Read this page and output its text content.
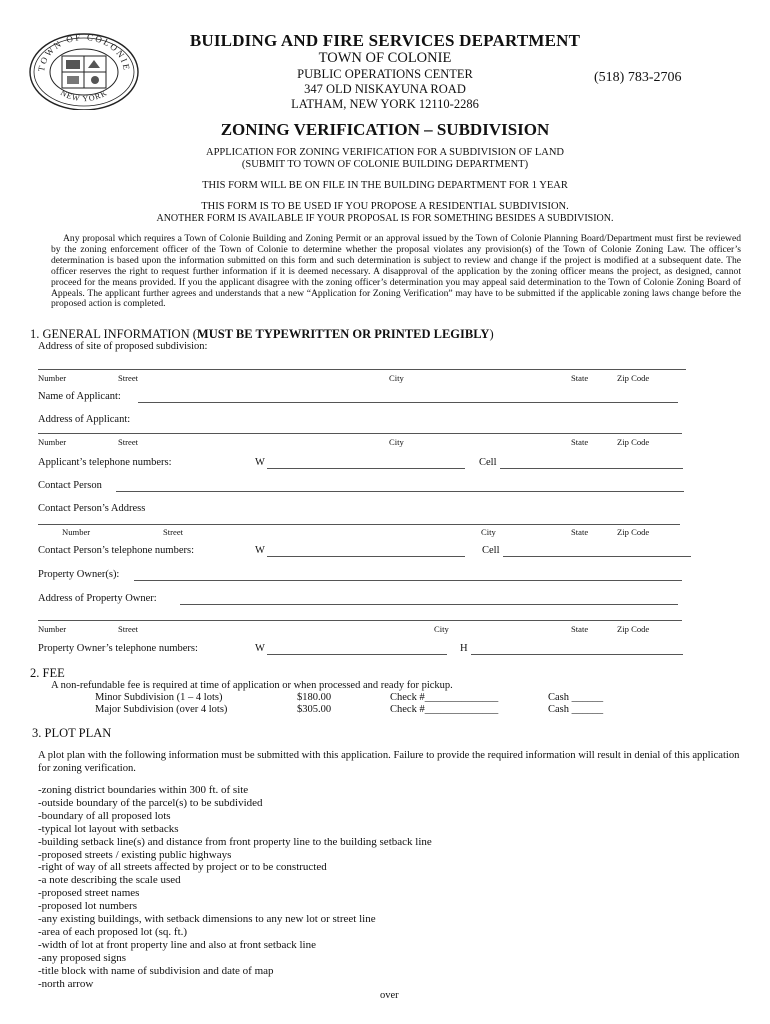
TOWN OF COLONIE
NEW YORK
BUILDING AND FIRE SERVICES DEPARTMENT
TOWN OF COLONIE
PUBLIC OPERATIONS CENTER
347 OLD NISKAYUNA ROAD
LATHAM, NEW YORK 12110-2286
(518) 783-2706
ZONING VERIFICATION – SUBDIVISION
APPLICATION FOR ZONING VERIFICATION FOR A SUBDIVISION OF LAND
(SUBMIT TO TOWN OF COLONIE BUILDING DEPARTMENT)
THIS FORM WILL BE ON FILE IN THE BUILDING DEPARTMENT FOR 1 YEAR
THIS FORM IS TO BE USED IF YOU PROPOSE A RESIDENTIAL SUBDIVISION.
ANOTHER FORM IS AVAILABLE IF YOUR PROPOSAL IS FOR SOMETHING BESIDES A SUBDIVISION.
Any proposal which requires a Town of Colonie Building and Zoning Permit or an approval issued by the Town of Colonie Planning Board/Department must first be reviewed by the zoning enforcement officer of the Town of Colonie to determine whether the proposal violates any provision(s) of the Town of Colonie Zoning Law. The officer’s determination is based upon the information submitted on this form and such determination is subject to review and change if the project is modified at a subsequent date. The officer reserves the right to request further information if it is deemed necessary. A disapproval of the application by the zoning officer means the project, as designed, cannot proceed for the means provided. If you the applicant disagree with the zoning officer’s determination you may appeal said determination to the Town of Colonie Zoning Board of Appeals. The applicant further agrees and understands that a new “Application for Zoning Verification” may have to be submitted if the applicable zoning laws change before the proposed action is completed.
1. GENERAL INFORMATION (MUST BE TYPEWRITTEN OR PRINTED LEGIBLY)
Address of site of proposed subdivision:
Number	Street	City	State	Zip Code
Name of Applicant:
Address of Applicant:
Number	Street	City	State	Zip Code
Applicant’s telephone numbers:	W	Cell
Contact Person
Contact Person’s Address
Number	Street	City	State	Zip Code
Contact Person’s telephone numbers:	W	Cell
Property Owner(s):
Address of Property Owner:
Number	Street	City	State	Zip Code
Property Owner’s telephone numbers:	W	H
2. FEE
A non-refundable fee is required at time of application or when processed and ready for pickup.
Minor Subdivision (1 – 4 lots)	$180.00	Check #______________	Cash ______
Major Subdivision (over 4 lots)	$305.00	Check #______________	Cash ______
3. PLOT PLAN
A plot plan with the following information must be submitted with this application. Failure to provide the required information will result in denial of this application for zoning verification.
-zoning district boundaries within 300 ft. of site
-outside boundary of the parcel(s) to be subdivided
-boundary of all proposed lots
-typical lot layout with setbacks
-building setback line(s) and distance from front property line to the building setback line
-proposed streets / existing public highways
-right of way of all streets affected by project or to be constructed
-a note describing the scale used
-proposed street names
-proposed lot numbers
-any existing buildings, with setback dimensions to any new lot or street line
-area of each proposed lot (sq. ft.)
-width of lot at front property line and also at front setback line
-any proposed signs
-title block with name of subdivision and date of map
-north arrow
over
